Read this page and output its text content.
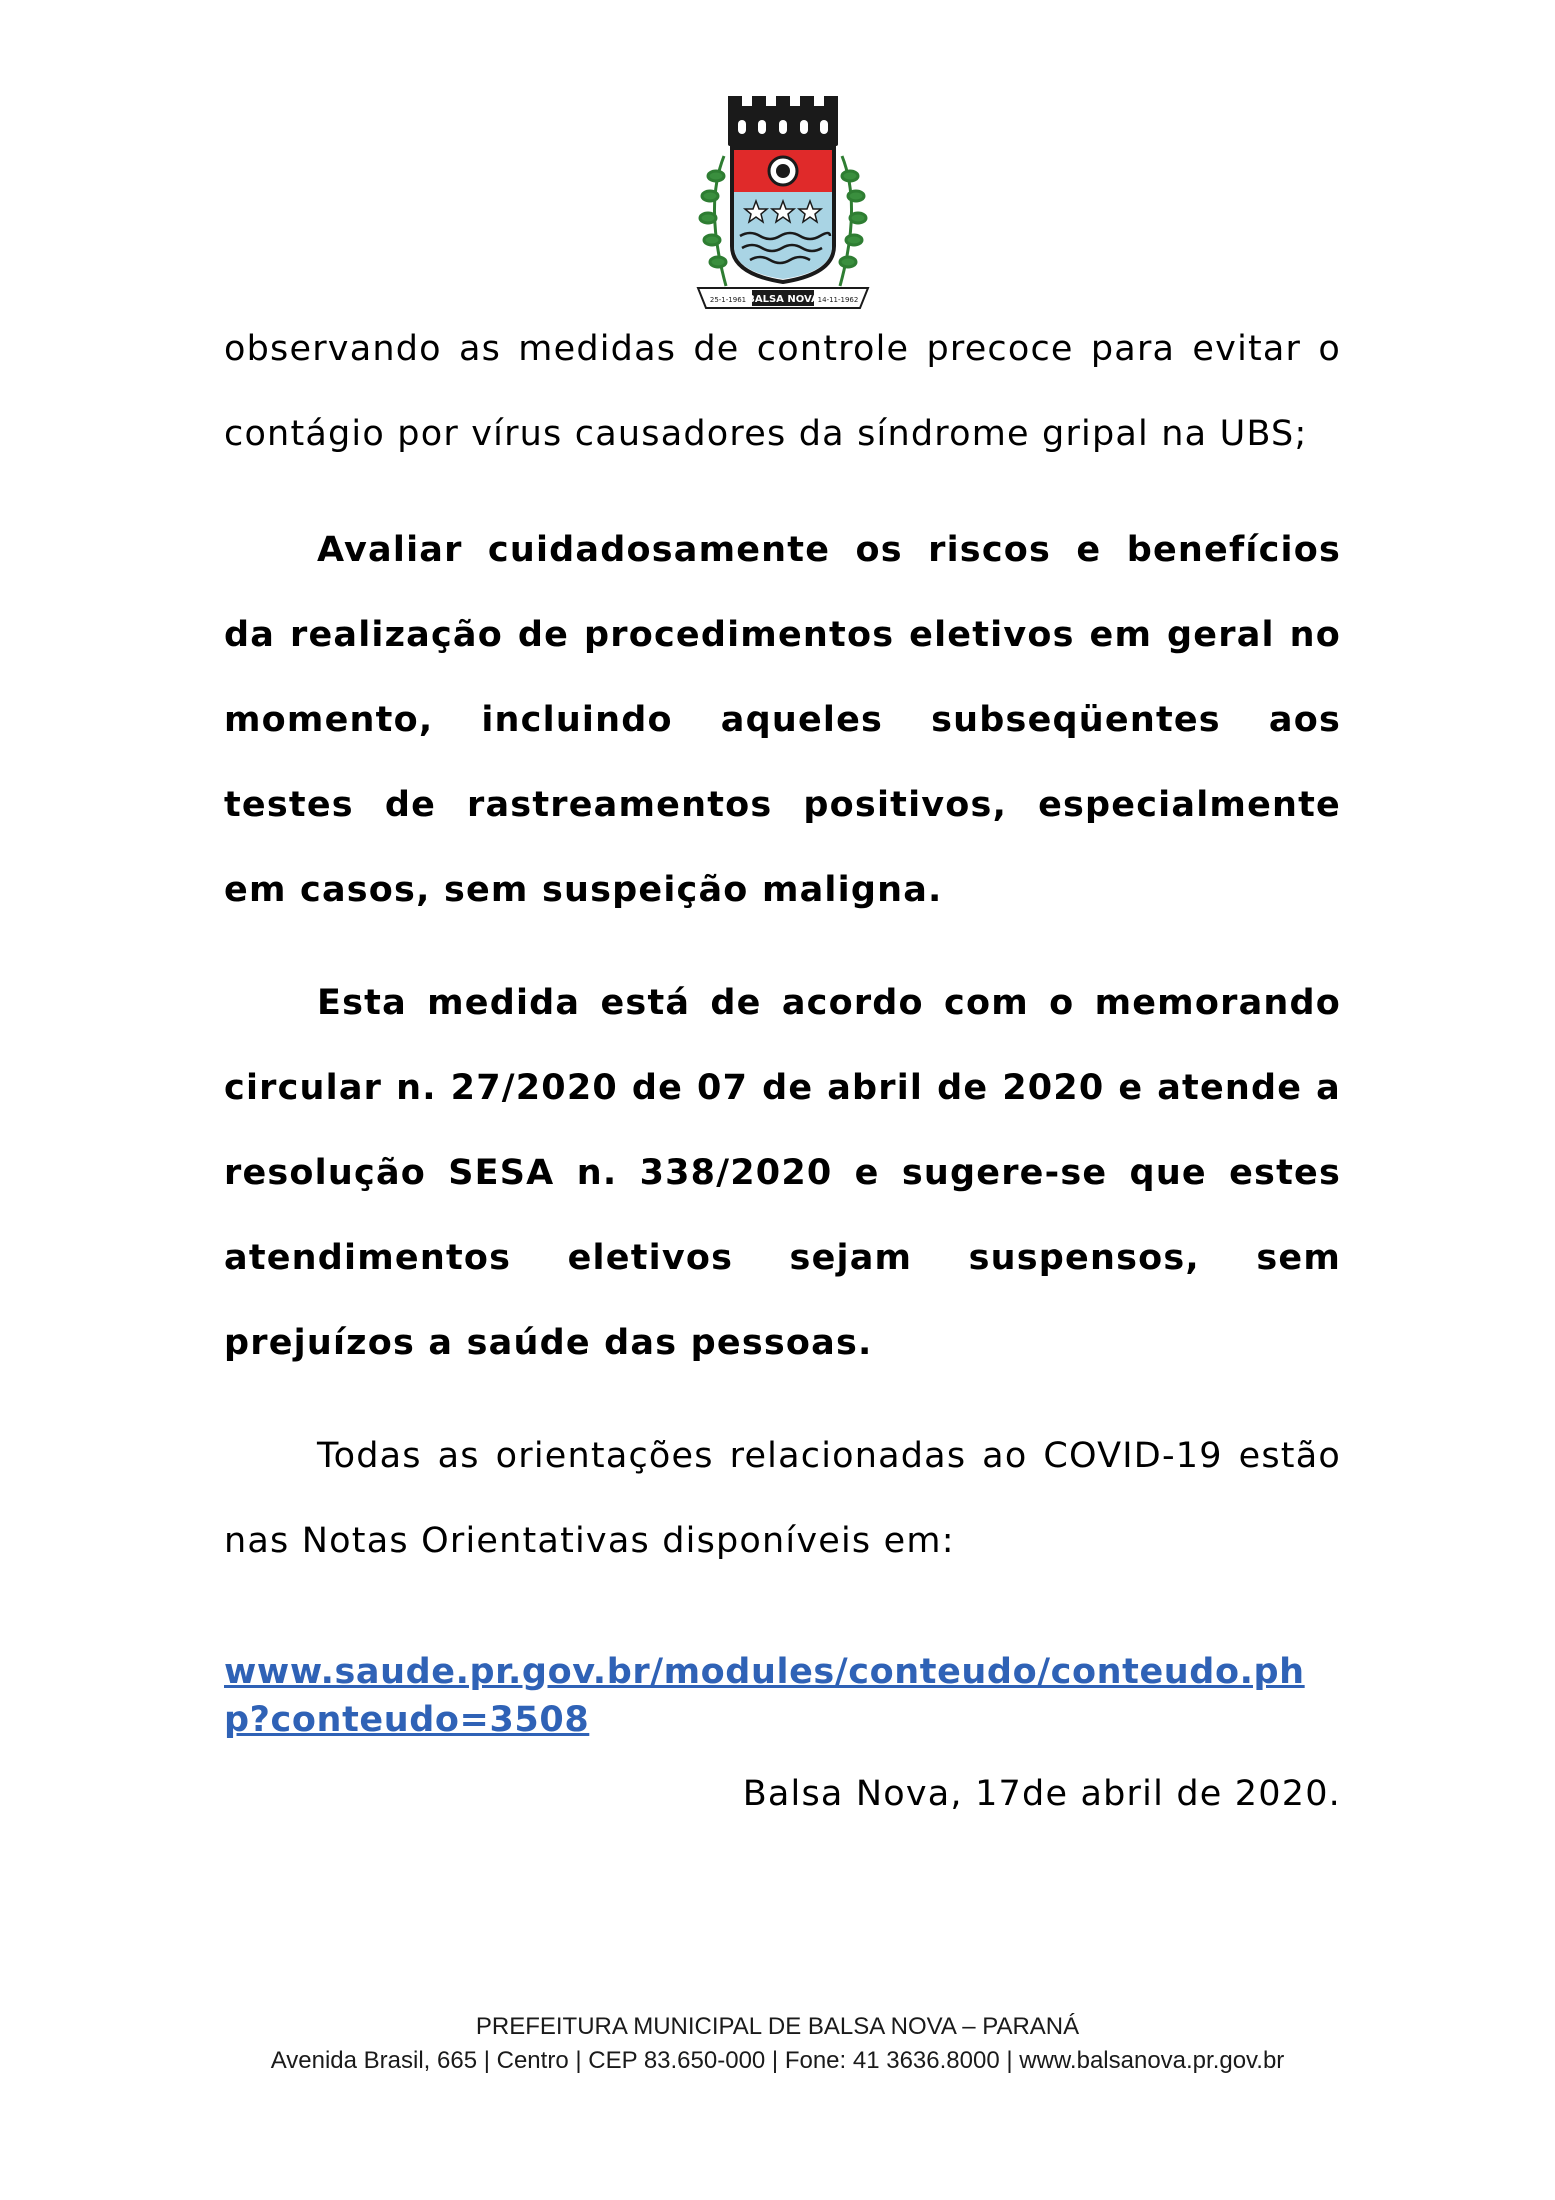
BALSA NOVA
25-1-1961	14-11-1962

observando as medidas de controle precoce para evitar o contágio por vírus causadores da síndrome gripal na UBS;

Avaliar cuidadosamente os riscos e benefícios da realização de procedimentos eletivos em geral no momento, incluindo aqueles subseqüentes aos testes de rastreamentos positivos, especialmente em casos, sem suspeição maligna.

Esta medida está de acordo com o memorando circular n. 27/2020 de 07 de abril de 2020 e atende a resolução SESA n. 338/2020 e sugere-se que estes atendimentos eletivos sejam suspensos, sem prejuízos a saúde das pessoas.

Todas as orientações relacionadas ao COVID-19 estão nas Notas Orientativas disponíveis em:

www.saude.pr.gov.br/modules/conteudo/conteudo.php?conteudo=3508

Balsa Nova, 17de abril de 2020.

PREFEITURA MUNICIPAL DE BALSA NOVA – PARANÁ
Avenida Brasil, 665 | Centro | CEP 83.650-000 | Fone: 41 3636.8000 | www.balsanova.pr.gov.br
